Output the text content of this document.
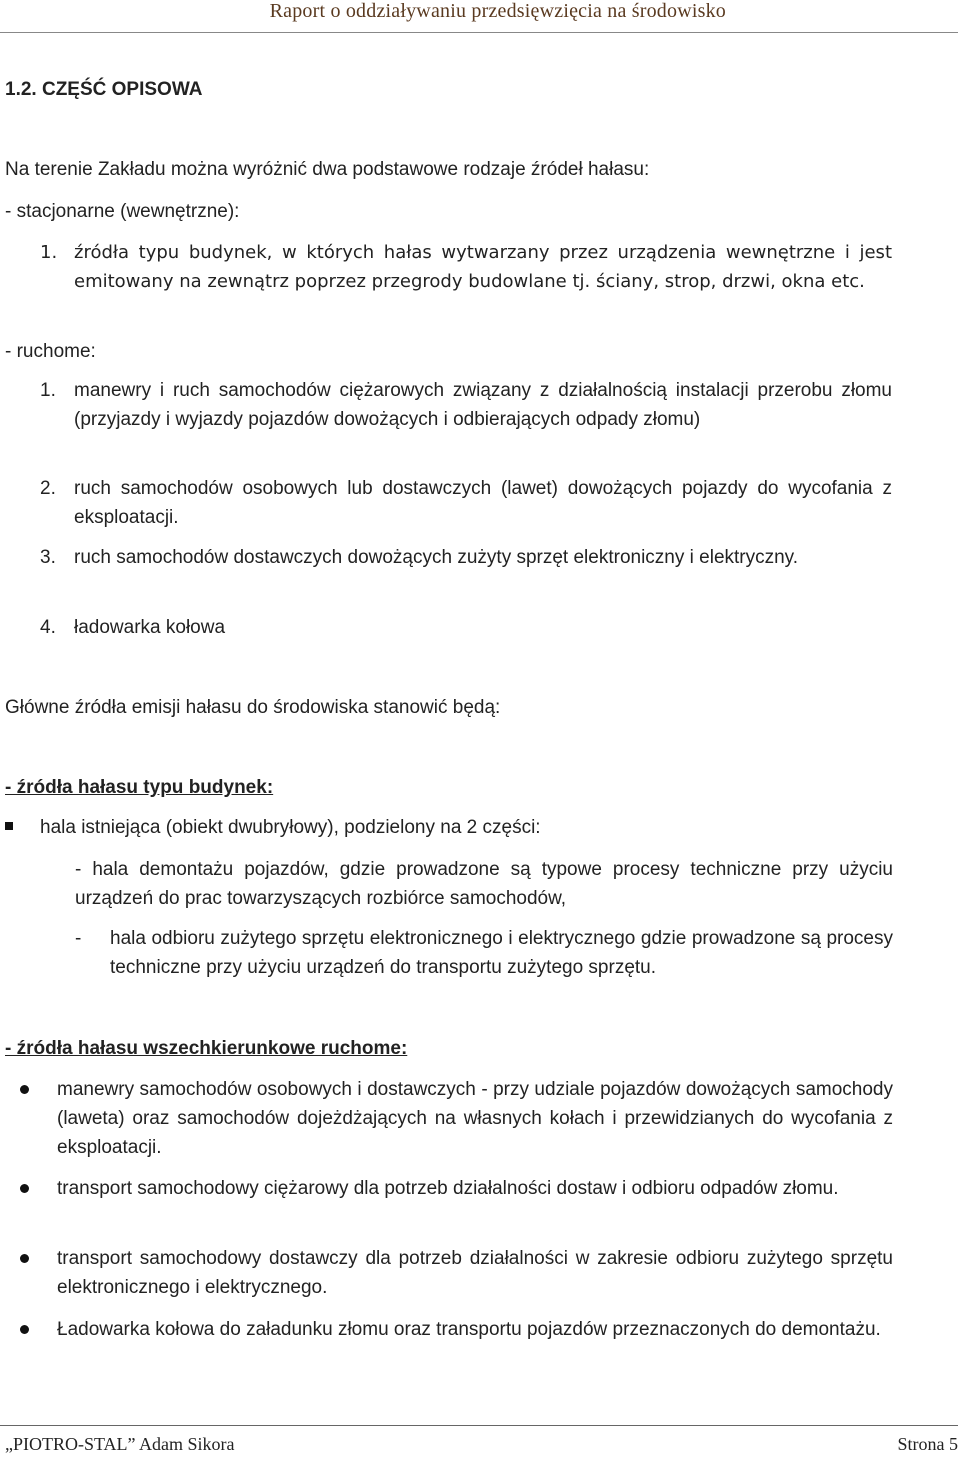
Raport o oddziaływaniu przedsięwzięcia na środowisko
1.2. CZĘŚĆ OPISOWA
Na terenie Zakładu można wyróżnić dwa podstawowe rodzaje źródeł hałasu:
- stacjonarne (wewnętrzne):
1. źródła typu budynek, w których hałas wytwarzany przez urządzenia wewnętrzne i jest emitowany na zewnątrz poprzez przegrody budowlane tj. ściany, strop, drzwi, okna etc.
- ruchome:
1. manewry i ruch samochodów ciężarowych związany z działalnością instalacji przerobu złomu (przyjazdy i wyjazdy pojazdów dowożących i odbierających odpady złomu)
2. ruch samochodów osobowych lub dostawczych (lawet) dowożących pojazdy do wycofania z eksploatacji.
3. ruch samochodów dostawczych dowożących zużyty sprzęt elektroniczny i elektryczny.
4. ładowarka kołowa
Główne źródła emisji hałasu do środowiska stanowić będą:
- źródła hałasu typu budynek:
hala istniejąca (obiekt dwubryłowy), podzielony na 2 części:
- hala demontażu pojazdów, gdzie prowadzone są typowe procesy techniczne przy użyciu urządzeń do prac towarzyszących rozbiórce samochodów,
- hala odbioru zużytego sprzętu elektronicznego i elektrycznego gdzie prowadzone są procesy techniczne przy użyciu urządzeń do transportu zużytego sprzętu.
- źródła hałasu wszechkierunkowe ruchome:
manewry samochodów osobowych i dostawczych - przy udziale pojazdów dowożących samochody (laweta) oraz samochodów dojeżdżających na własnych kołach i przewidzianych do wycofania z eksploatacji.
transport samochodowy ciężarowy dla potrzeb działalności dostaw i odbioru odpadów złomu.
transport samochodowy dostawczy dla potrzeb działalności w zakresie odbioru zużytego sprzętu elektronicznego i elektrycznego.
Ładowarka kołowa do załadunku złomu oraz transportu pojazdów przeznaczonych do demontażu.
„PIOTRO-STAL” Adam Sikora	Strona 5
